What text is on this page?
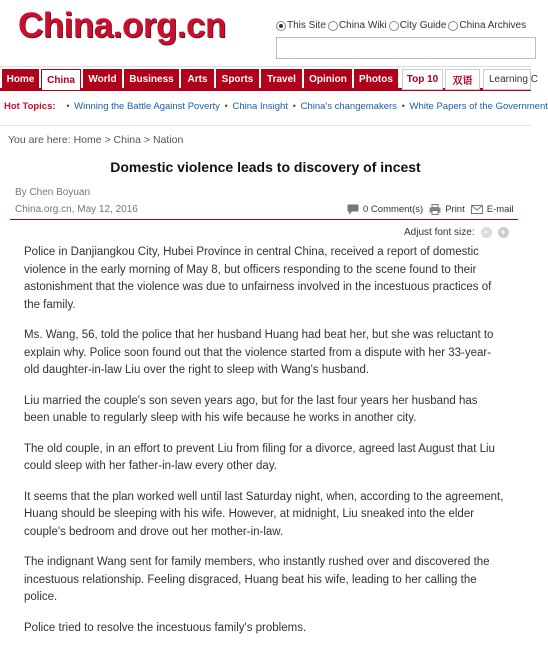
China.org.cn	This Site China Wiki City Guide China Archives
Home	China	World	Business	Arts	Sports	Travel	Opinion	Photos	Top 10	双语	Learning C
Hot Topics: • Winning the Battle Against Poverty • China Insight • China's changemakers • White Papers of the Government
You are here: Home > China > Nation
Domestic violence leads to discovery of incest
By Chen Boyuan
China.org.cn, May 12, 2016	0 Comment(s) Print E-mail
Adjust font size: −	+

Police in Danjiangkou City, Hubei Province in central China, received a report of domestic violence in the early morning of May 8, but officers responding to the scene found to their astonishment that the violence was due to unfairness involved in the incestuous practices of the family.

Ms. Wang, 56, told the police that her husband Huang had beat her, but she was reluctant to explain why. Police soon found out that the violence started from a dispute with her 33-year-old daughter-in-law Liu over the right to sleep with Wang's husband.

Liu married the couple's son seven years ago, but for the last four years her husband has been unable to regularly sleep with his wife because he works in another city.

The old couple, in an effort to prevent Liu from filing for a divorce, agreed last August that Liu could sleep with her father-in-law every other day.

It seems that the plan worked well until last Saturday night, when, according to the agreement, Huang should be sleeping with his wife. However, at midnight, Liu sneaked into the elder couple's bedroom and drove out her mother-in-law.

The indignant Wang sent for family members, who instantly rushed over and discovered the incestuous relationship. Feeling disgraced, Huang beat his wife, leading to her calling the police.

Police tried to resolve the incestuous family's problems.
